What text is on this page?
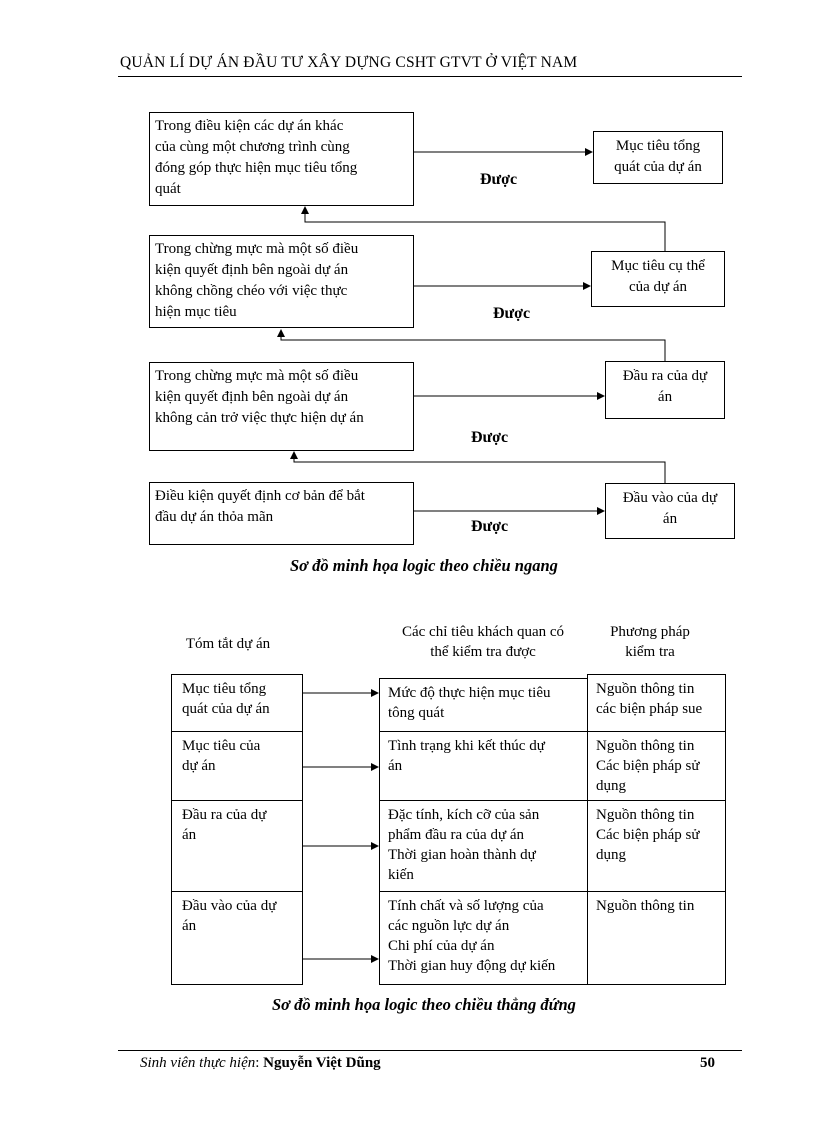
QUẢN LÍ DỰ ÁN ĐẦU TƯ XÂY DỰNG CSHT GTVT Ở VIỆT NAM
Trong điều kiện các dự án khác
của cùng một chương trình cùng
đóng góp thực hiện mục tiêu tổng
quát
Trong chừng mực mà một số điều
kiện quyết định bên ngoài dự án
không chồng chéo với việc thực
hiện mục tiêu
Trong chừng mực mà một số điều
kiện quyết định bên ngoài dự án
không cản trở việc thực hiện dự án
Điều kiện quyết định cơ bản để bắt
đầu dự án thỏa mãn
Mục tiêu tổng
quát của dự án
Mục tiêu cụ thể
của dự án
Đầu ra của dự
án
Đầu vào của dự
án
Được
Được
Được
Được
Sơ đồ minh họa logic theo chiều ngang
Tóm tắt dự án
Các chỉ tiêu khách quan có
thể kiểm tra được
Phương pháp
kiểm tra
Mục tiêu tổng
quát của dự án
Mục tiêu của
dự án
Đầu ra của dự
án
Đầu vào của dự
án
Mức độ thực hiện mục tiêu
tông quát
Tình trạng khi kết thúc dự
án
Đặc tính, kích cỡ của sản
phẩm đầu ra của dự án
Thời gian hoàn thành dự
kiến
Tính chất và số lượng của
các nguồn lực dự án
Chi phí của dự án
Thời gian huy động dự kiến
Nguồn thông tin
các biện pháp sue
Nguồn thông tin
Các biện pháp sử
dụng
Nguồn thông tin
Các biện pháp sử
dụng
Nguồn thông tin
Sơ đồ minh họa logic theo chiều thẳng đứng
Sinh viên thực hiện: Nguyễn Việt Dũng	50
